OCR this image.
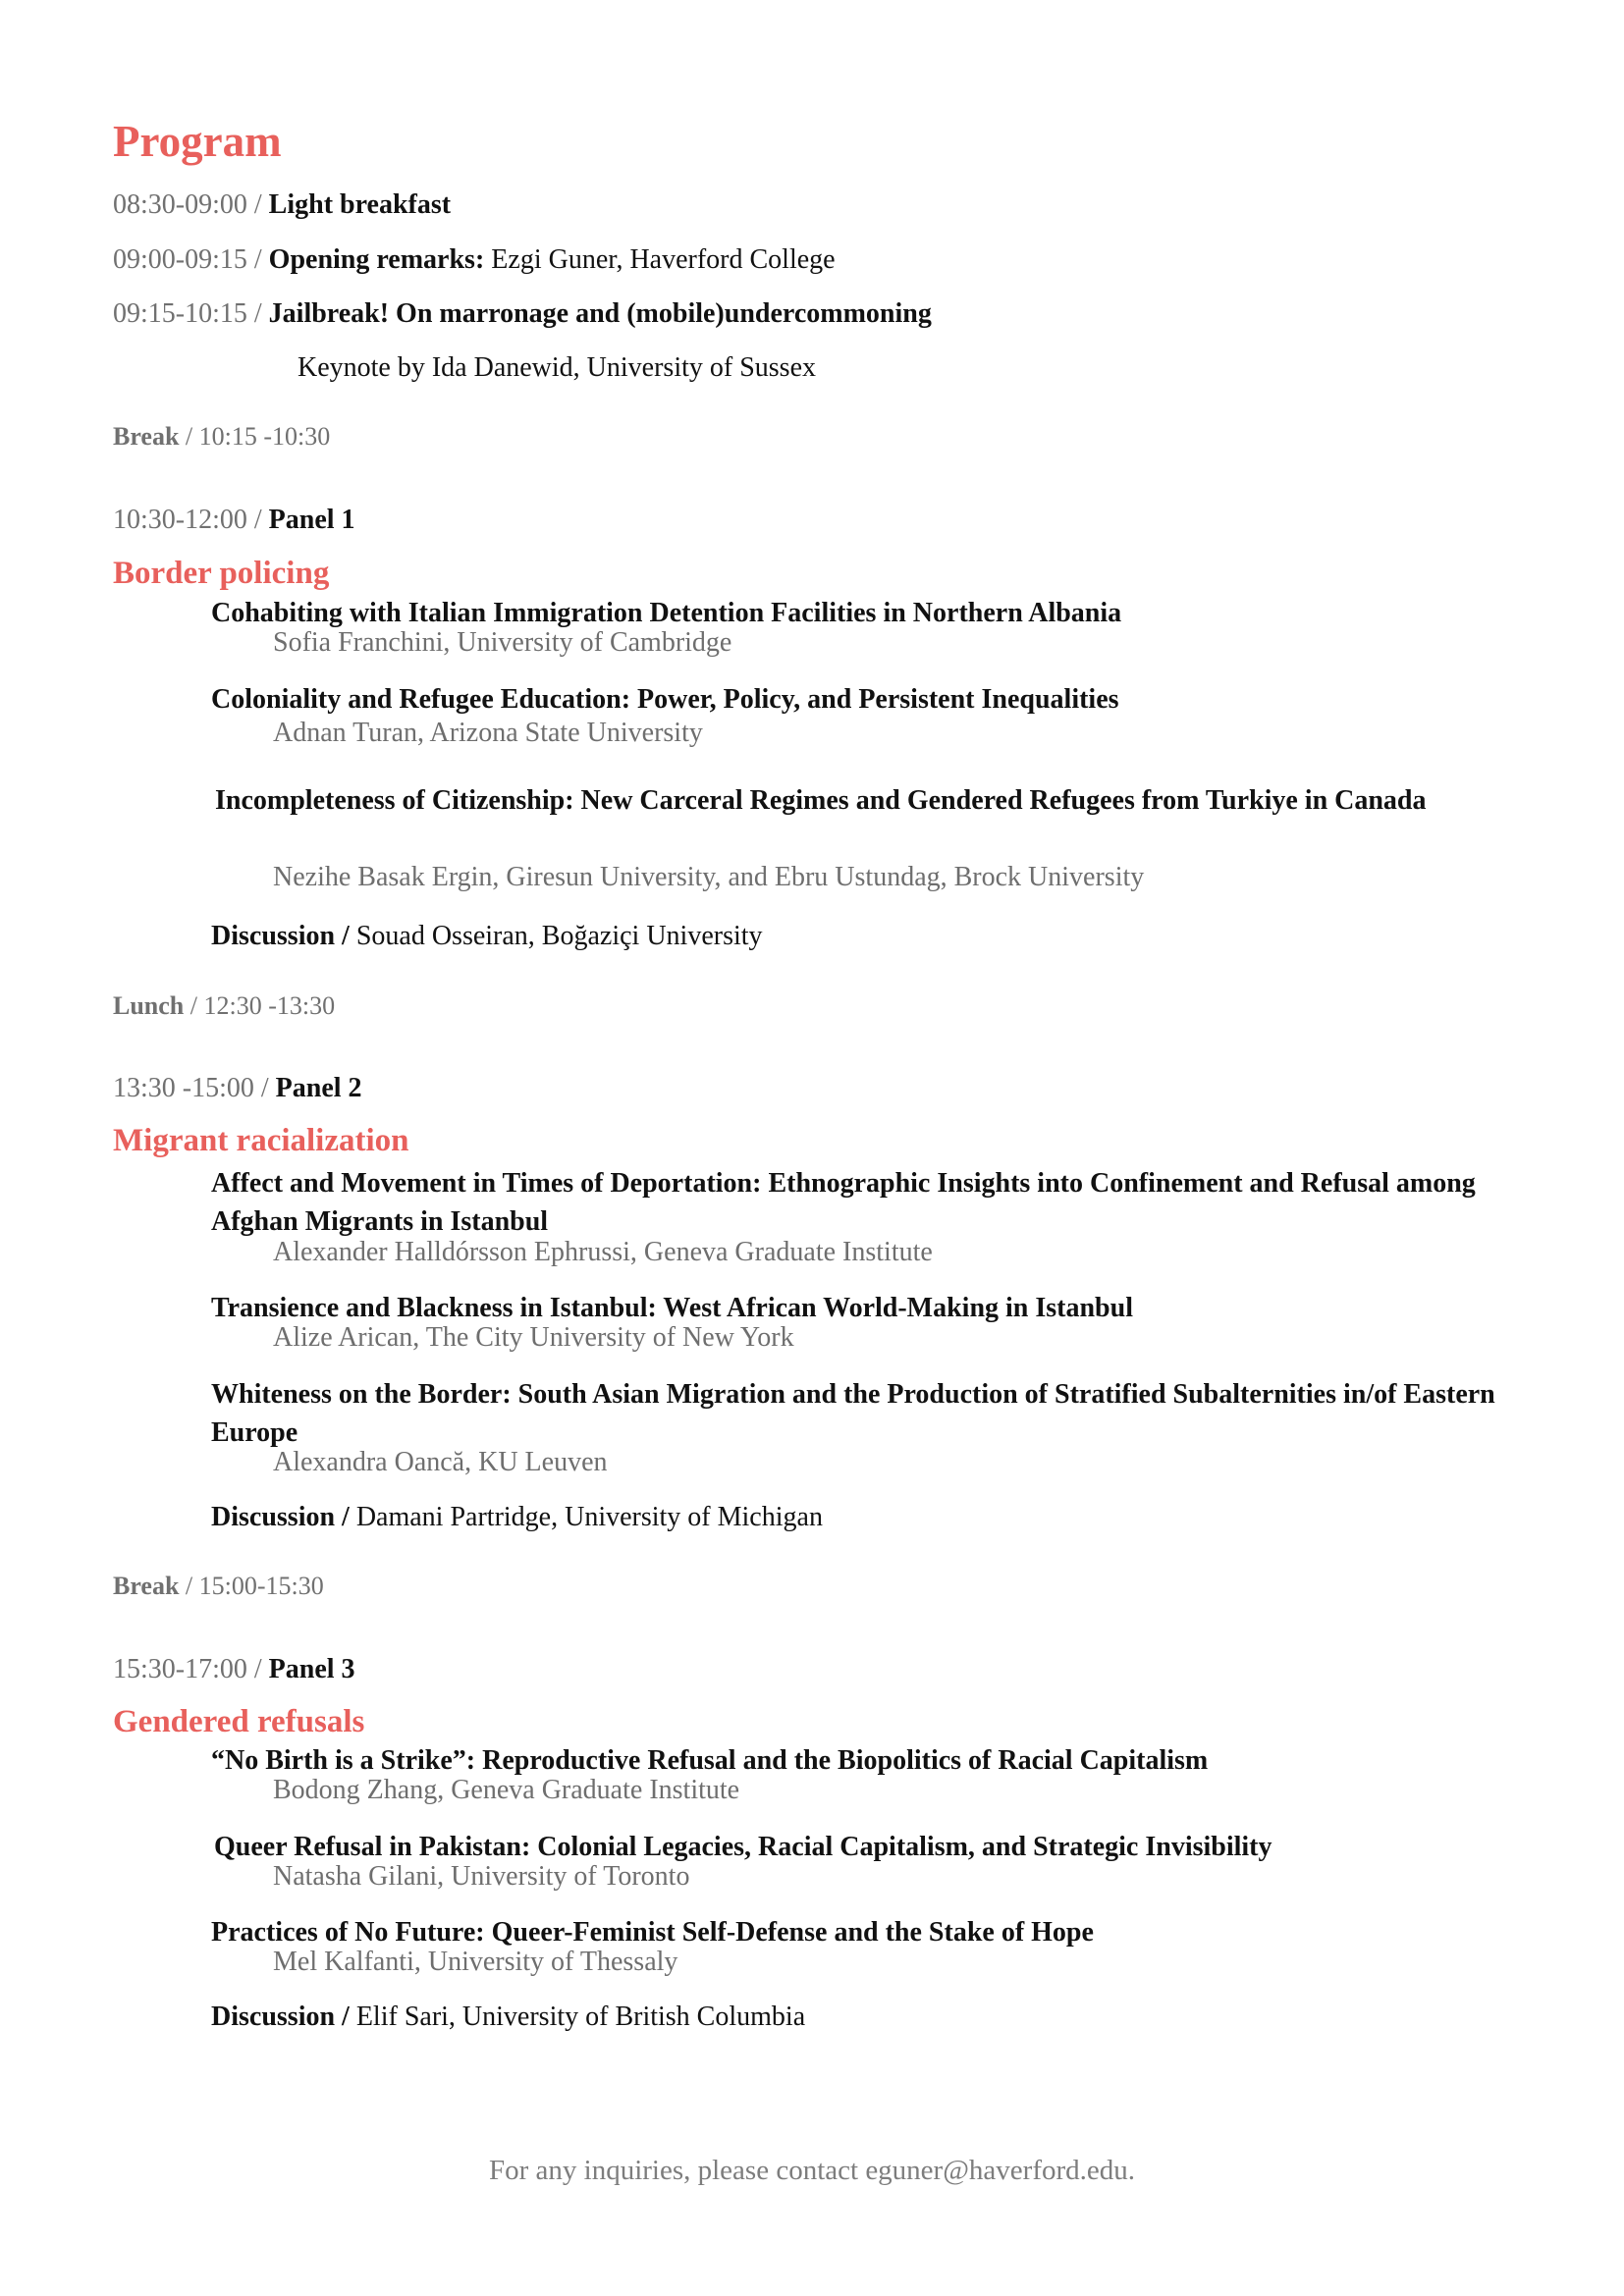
Program
08:30-09:00 / Light breakfast
09:00-09:15 / Opening remarks: Ezgi Guner, Haverford College
09:15-10:15 / Jailbreak! On marronage and (mobile)undercommoning
Keynote by Ida Danewid, University of Sussex
Break / 10:15 -10:30
10:30-12:00 / Panel 1
Border policing
Cohabiting with Italian Immigration Detention Facilities in Northern Albania
Sofia Franchini, University of Cambridge
Coloniality and Refugee Education: Power, Policy, and Persistent Inequalities
Adnan Turan, Arizona State University
Incompleteness of Citizenship: New Carceral Regimes and Gendered Refugees from Turkiye in Canada
Nezihe Basak Ergin, Giresun University, and Ebru Ustundag, Brock University
Discussion / Souad Osseiran, Boğaziçi University
Lunch / 12:30 -13:30
13:30 -15:00 / Panel 2
Migrant racialization
Affect and Movement in Times of Deportation: Ethnographic Insights into Confinement and Refusal among Afghan Migrants in Istanbul
Alexander Halldórsson Ephrussi, Geneva Graduate Institute
Transience and Blackness in Istanbul: West African World-Making in Istanbul
Alize Arican, The City University of New York
Whiteness on the Border: South Asian Migration and the Production of Stratified Subalternities in/of Eastern Europe
Alexandra Oancă, KU Leuven
Discussion / Damani Partridge, University of Michigan
Break / 15:00-15:30
15:30-17:00 / Panel 3
Gendered refusals
“No Birth is a Strike”: Reproductive Refusal and the Biopolitics of Racial Capitalism
Bodong Zhang, Geneva Graduate Institute
Queer Refusal in Pakistan: Colonial Legacies, Racial Capitalism, and Strategic Invisibility
Natasha Gilani, University of Toronto
Practices of No Future: Queer-Feminist Self-Defense and the Stake of Hope
Mel Kalfanti, University of Thessaly
Discussion / Elif Sari, University of British Columbia
For any inquiries, please contact eguner@haverford.edu.
